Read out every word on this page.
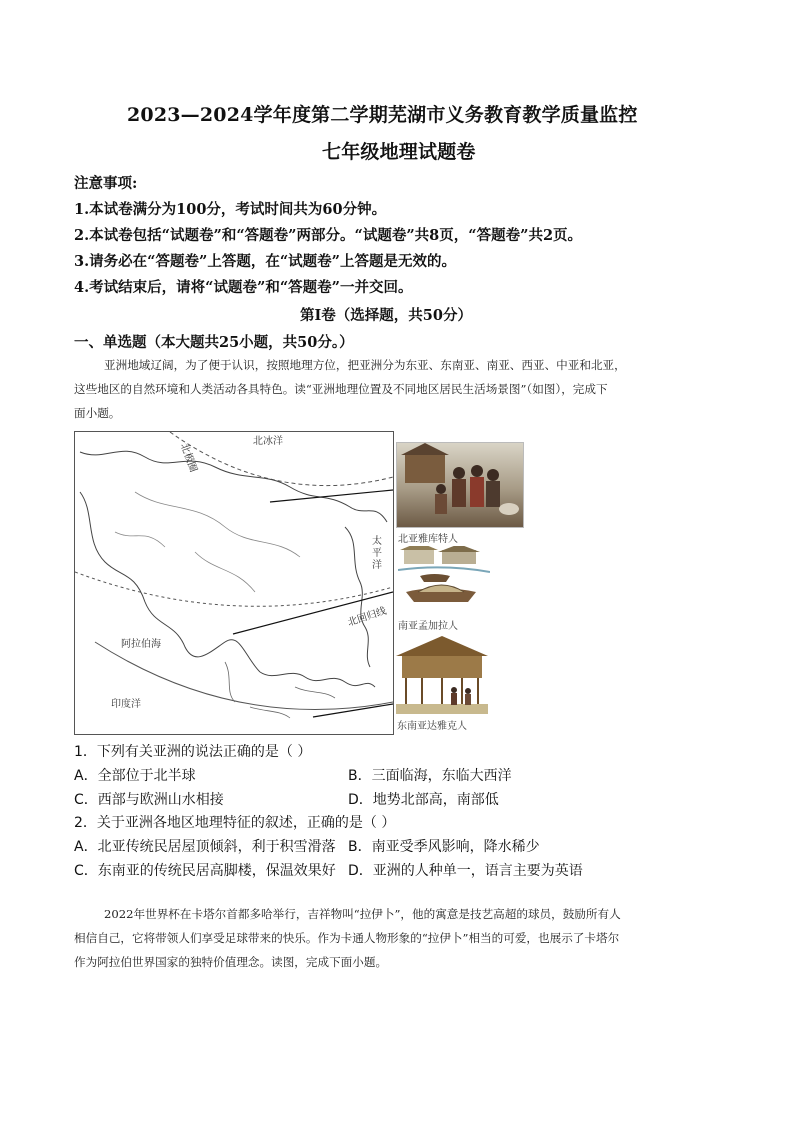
2023—2024学年度第二学期芜湖市义务教育教学质量监控
七年级地理试题卷
注意事项:
1.本试卷满分为100分，考试时间共为60分钟。
2.本试卷包括“试题卷”和“答题卷”两部分。“试题卷”共8页，“答题卷”共2页。
3.请务必在“答题卷”上答题，在“试题卷”上答题是无效的。
4.考试结束后，请将“试题卷”和“答题卷”一并交回。
第Ⅰ卷（选择题，共50分）
一、单选题（本大题共25小题，共50分。）
亚洲地域辽阔，为了便于认识，按照地理方位，把亚洲分为东亚、东南亚、南亚、西亚、中亚和北亚，
这些地区的自然环境和人类活动各具特色。读“亚洲地理位置及不同地区居民生活场景图”（如图），完成下
面小题。
北极圈
北冰洋
太
平
洋
北回归线
阿拉伯海
印度洋
北亚雅库特人
南亚孟加拉人
东南亚达雅克人
1．下列有关亚洲的说法正确的是（ ）
A．全部位于北半球	B．三面临海，东临大西洋
C．西部与欧洲山水相接	D．地势北部高，南部低
2．关于亚洲各地区地理特征的叙述，正确的是（ ）
A．北亚传统民居屋顶倾斜，利于积雪滑落 B．南亚受季风影响，降水稀少
C．东南亚的传统民居高脚楼，保温效果好 D．亚洲的人种单一，语言主要为英语
2022年世界杯在卡塔尔首都多哈举行，吉祥物叫“拉伊卜”，他的寓意是技艺高超的球员，鼓励所有人
相信自己，它将带领人们享受足球带来的快乐。作为卡通人物形象的“拉伊卜”相当的可爱，也展示了卡塔尔
作为阿拉伯世界国家的独特价值理念。读图，完成下面小题。
